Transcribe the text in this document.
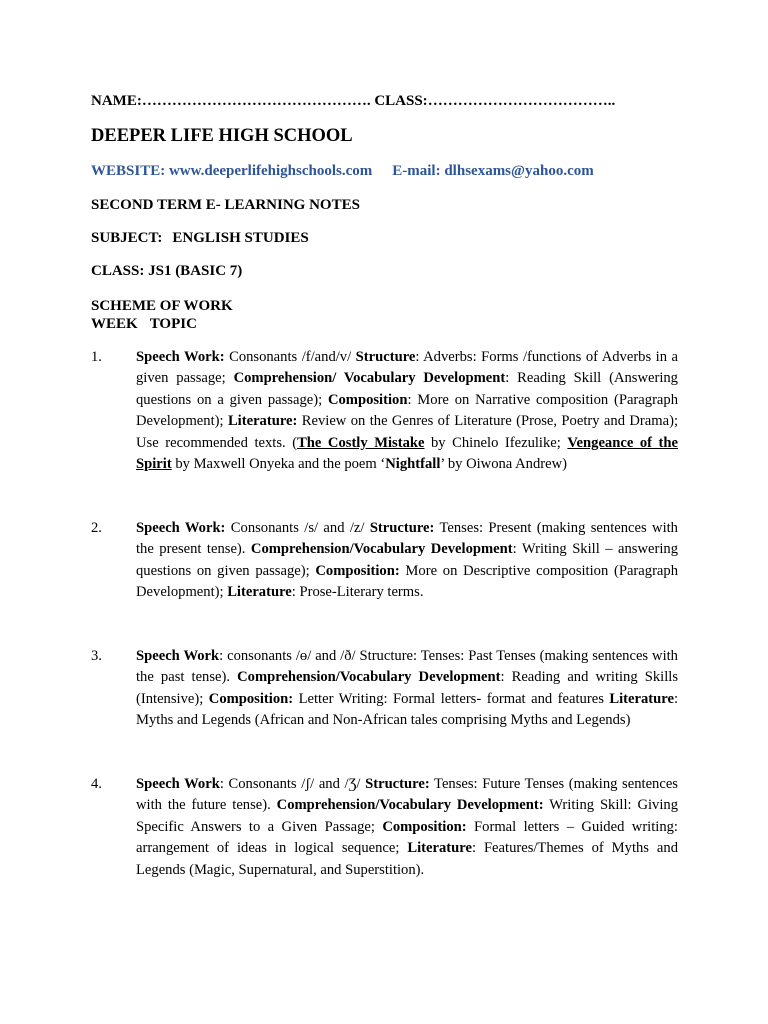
NAME:………………………………………. CLASS:………………………………..
DEEPER LIFE HIGH SCHOOL
WEBSITE: www.deeperlifehighschools.com E-mail: dlhsexams@yahoo.com
SECOND TERM E- LEARNING NOTES
SUBJECT: ENGLISH STUDIES
CLASS: JS1 (BASIC 7)
SCHEME OF WORK
WEEK TOPIC
1. Speech Work: Consonants /f/and/v/ Structure: Adverbs: Forms /functions of Adverbs in a given passage; Comprehension/ Vocabulary Development: Reading Skill (Answering questions on a given passage); Composition: More on Narrative composition (Paragraph Development); Literature: Review on the Genres of Literature (Prose, Poetry and Drama); Use recommended texts. (The Costly Mistake by Chinelo Ifezulike; Vengeance of the Spirit by Maxwell Onyeka and the poem ‘Nightfall’ by Oiwona Andrew)
2. Speech Work: Consonants /s/ and /z/ Structure: Tenses: Present (making sentences with the present tense). Comprehension/Vocabulary Development: Writing Skill – answering questions on given passage); Composition: More on Descriptive composition (Paragraph Development); Literature: Prose-Literary terms.
3. Speech Work: consonants /ɵ/ and /ð/ Structure: Tenses: Past Tenses (making sentences with the past tense). Comprehension/Vocabulary Development: Reading and writing Skills (Intensive); Composition: Letter Writing: Formal letters- format and features Literature: Myths and Legends (African and Non-African tales comprising Myths and Legends)
4. Speech Work: Consonants /ʃ/ and /Ʒ/ Structure: Tenses: Future Tenses (making sentences with the future tense). Comprehension/Vocabulary Development: Writing Skill: Giving Specific Answers to a Given Passage; Composition: Formal letters – Guided writing: arrangement of ideas in logical sequence; Literature: Features/Themes of Myths and Legends (Magic, Supernatural, and Superstition).
